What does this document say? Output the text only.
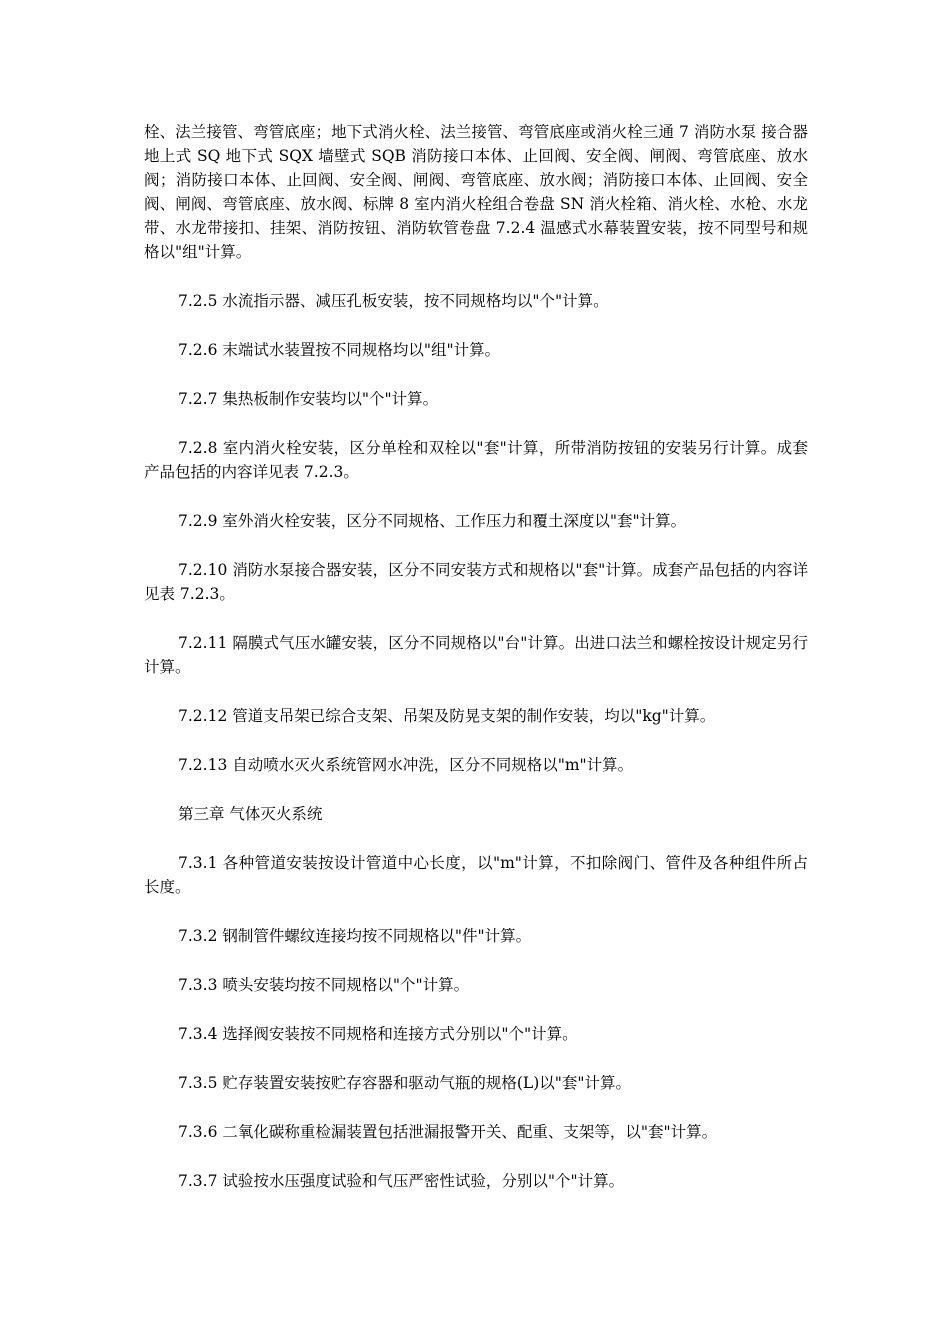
栓、法兰接管、弯管底座；地下式消火栓、法兰接管、弯管底座或消火栓三通 7 消防水泵 接合器 地上式 SQ 地下式 SQX 墙壁式 SQB 消防接口本体、止回阀、安全阀、闸阀、弯管底座、放水阀；消防接口本体、止回阀、安全阀、闸阀、弯管底座、放水阀；消防接口本体、止回阀、安全阀、闸阀、弯管底座、放水阀、标牌 8 室内消火栓组合卷盘 SN 消火栓箱、消火栓、水枪、水龙带、水龙带接扣、挂架、消防按钮、消防软管卷盘 7.2.4 温感式水幕装置安装，按不同型号和规格以"组"计算。

7.2.5 水流指示器、减压孔板安装，按不同规格均以"个"计算。

7.2.6 末端试水装置按不同规格均以"组"计算。

7.2.7 集热板制作安装均以"个"计算。

7.2.8 室内消火栓安装，区分单栓和双栓以"套"计算，所带消防按钮的安装另行计算。成套产品包括的内容详见表 7.2.3。

7.2.9 室外消火栓安装，区分不同规格、工作压力和覆土深度以"套"计算。

7.2.10 消防水泵接合器安装，区分不同安装方式和规格以"套"计算。成套产品包括的内容详见表 7.2.3。

7.2.11 隔膜式气压水罐安装，区分不同规格以"台"计算。出进口法兰和螺栓按设计规定另行计算。

7.2.12 管道支吊架已综合支架、吊架及防晃支架的制作安装，均以"kg"计算。

7.2.13 自动喷水灭火系统管网水冲洗，区分不同规格以"m"计算。

第三章 气体灭火系统

7.3.1 各种管道安装按设计管道中心长度，以"m"计算，不扣除阀门、管件及各种组件所占长度。

7.3.2 钢制管件螺纹连接均按不同规格以"件"计算。

7.3.3 喷头安装均按不同规格以"个"计算。

7.3.4 选择阀安装按不同规格和连接方式分别以"个"计算。

7.3.5 贮存装置安装按贮存容器和驱动气瓶的规格(L)以"套"计算。

7.3.6 二氧化碳称重检漏装置包括泄漏报警开关、配重、支架等，以"套"计算。

7.3.7 试验按水压强度试验和气压严密性试验，分别以"个"计算。
